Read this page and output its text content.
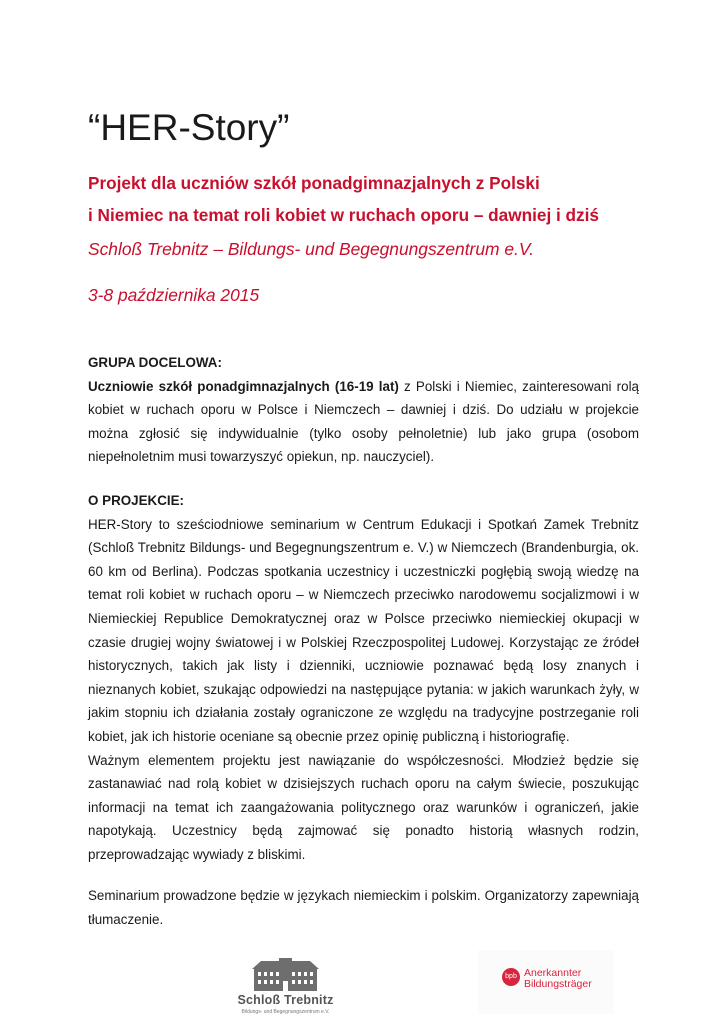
“HER-Story”
Projekt dla uczniów szkół ponadgimnazjalnych z Polski
i Niemiec na temat roli kobiet w ruchach oporu – dawniej i dziś
Schloß Trebnitz – Bildungs- und Begegnungszentrum e.V.
3-8 października 2015
GRUPA DOCELOWA:

Uczniowie szkół ponadgimnazjalnych (16-19 lat) z Polski i Niemiec, zainteresowani rolą kobiet w ruchach oporu w Polsce i Niemczech – dawniej i dziś. Do udziału w projekcie można zgłosić się indywidualnie (tylko osoby pełnoletnie) lub jako grupa (osobom niepełnoletnim musi towarzyszyć opiekun, np. nauczyciel).

O PROJEKCIE:

HER-Story to sześciodniowe seminarium w Centrum Edukacji i Spotkań Zamek Trebnitz (Schloß Trebnitz Bildungs- und Begegnungszentrum e. V.) w Niemczech (Brandenburgia, ok. 60 km od Berlina). Podczas spotkania uczestnicy i uczestniczki pogłębią swoją wiedzę na temat roli kobiet w ruchach oporu – w Niemczech przeciwko narodowemu socjalizmowi i w Niemieckiej Republice Demokratycznej oraz w Polsce przeciwko niemieckiej okupacji w czasie drugiej wojny światowej i w Polskiej Rzeczpospolitej Ludowej. Korzystając ze źródeł historycznych, takich jak listy i dzienniki, uczniowie poznawać będą losy znanych i nieznanych kobiet, szukając odpowiedzi na następujące pytania: w jakich warunkach żyły, w jakim stopniu ich działania zostały ograniczone ze względu na tradycyjne postrzeganie roli kobiet, jak ich historie oceniane są obecnie przez opinię publiczną i historiografię.

Ważnym elementem projektu jest nawiązanie do współczesności. Młodzież będzie się zastanawiać nad rolą kobiet w dzisiejszych ruchach oporu na całym świecie, poszukując informacji na temat ich zaangażowania politycznego oraz warunków i ograniczeń, jakie napotykają. Uczestnicy będą zajmować się ponadto historią własnych rodzin, przeprowadzając wywiady z bliskimi.

Seminarium prowadzone będzie w językach niemieckim i polskim. Organizatorzy zapewniają tłumaczenie.

Schloß Trebnitz
Bildungs- und Begegnungszentrum e.V.
bpb Anerkannter
Bildungsträger
